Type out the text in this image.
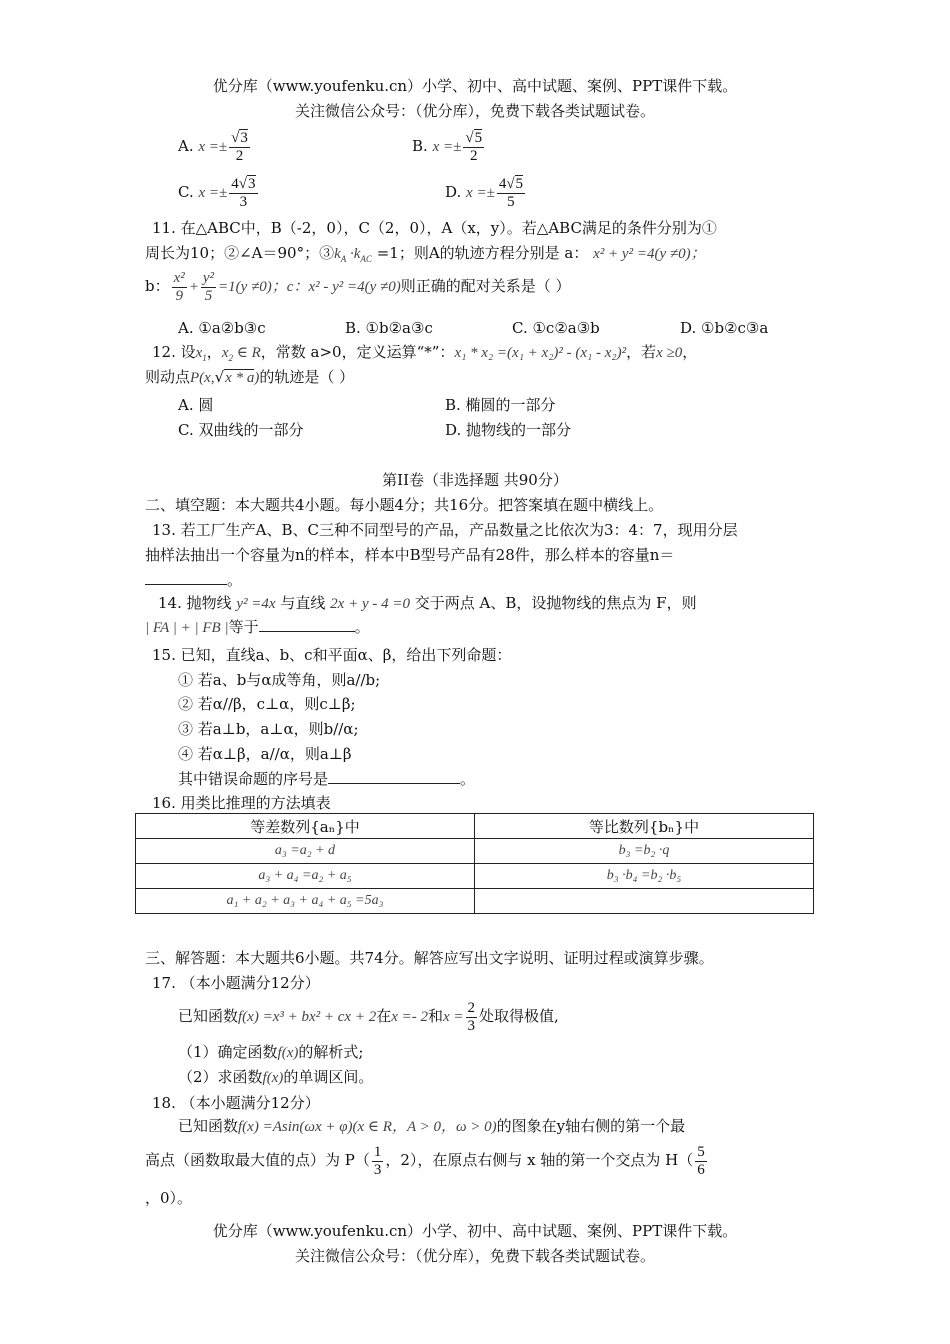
优分库（www.youfenku.cn）小学、初中、高中试题、案例、PPT课件下载。
关注微信公众号：（优分库），免费下载各类试题试卷。
A. $x =\pm \frac{√3}{2}$	B. $x =\pm \frac{√5}{2}$
C. $x =\pm \frac{4√3}{3}$	D. $x =\pm \frac{4√5}{5}$
11. 在△ABC中，B（-2，0），C（2，0），A（x，y）。若△ABC满足的条件分别为①
周长为10；②∠A＝90°；$③k_A \cdot k_{AC} =1$；则A的轨迹方程分别是 a： x² + y² =4(y ≠0)；
b： $\frac{\text{x²}}{9} + \frac{\text{y²}}{5} =1(y \ne 0)$；c：x² - y² =4(y ≠0)则正确的配对关系是（ ）
A. ①a②b③c	B. ①b②a③c	C. ①c②a③b	D. ①b②c③a
12. 设$x_1$，$x_2$ ∈ R，常数 a>0，定义运算“*”：x₁ * x₂ =(x₁ + x₂)² - (x₁ - x₂)²，若x ≥0，
则动点P(x,√x * a)的轨迹是（ ）
A. 圆	B. 椭圆的一部分
C. 双曲线的一部分	D. 抛物线的一部分
第II卷（非选择题 共90分）
二、填空题：本大题共4小题。每小题4分；共16分。把答案填在题中横线上。
13. 若工厂生产A、B、C三种不同型号的产品，产品数量之比依次为3：4：7，现用分层
抽样法抽出一个容量为n的样本，样本中B型号产品有28件，那么样本的容量n＝
。
14. 抛物线 y² =4x 与直线 2x + y - 4 =0 交于两点 A、B，设抛物线的焦点为 F，则
| FA | + | FB |等于	。
15. 已知，直线a、b、c和平面α、β，给出下列命题：
① 若a、b与α成等角，则a//b;
② 若α//β，c⊥α，则c⊥β;
③ 若a⊥b，a⊥α，则b//α;
④ 若α⊥β，a//α，则a⊥β
其中错误命题的序号是	。
16. 用类比推理的方法填表
等差数列{aₙ}中	等比数列{bₙ}中
a₃ =a₂ + d	b₃ =b₂ ·q
a₃ + a₄ =a₂ + a₅	b₃ ·b₄ =b₂ ·b₅
a₁ + a₂ + a₃ + a₄ + a₅ =5a₃	
三、解答题：本大题共6小题。共74分。解答应写出文字说明、证明过程或演算步骤。
17. （本小题满分12分）
已知函数f(x) =x³ + bx² + cx + 2在x =- 2和$x = \frac{2}{3}$ 处取得极值,
（1）确定函数f(x)的解析式;
（2）求函数f(x)的单调区间。
18. （本小题满分12分）
已知函数f(x) =Asin(ωx + φ)(x ∈ R，A > 0，ω > 0)的图象在y轴右侧的第一个最
高点（函数取最大值的点）为 $P( \frac{1}{3}$ ，2），在原点右侧与 x 轴的第一个交点为 $H( \frac{5}{6}$
，0）。
优分库（www.youfenku.cn）小学、初中、高中试题、案例、PPT课件下载。
关注微信公众号：（优分库），免费下载各类试题试卷。
